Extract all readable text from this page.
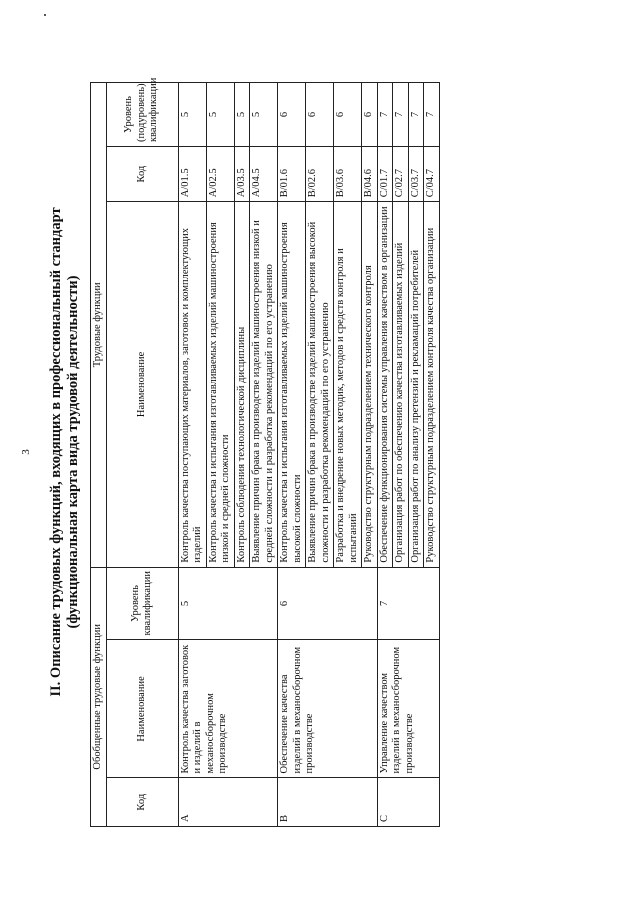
3 II. Описание трудовых функций, входящих в профессиональный стандарт (функциональная карта вида трудовой деятельности)
Обобщенные трудовые функции			Трудовые функции		
Код	Наименование	Уровень квалификации	Наименование	Код	Уровень (подуровень) квалификации
A	Контроль качества заготовок и изделий в механосборочном производстве	5	Контроль качества поступающих материалов, заготовок и комплектующих изделий	A/01.5	5
			Контроль качества и испытания изготавливаемых изделий машиностроения низкой и средней сложности	A/02.5	5
			Контроль соблюдения технологической дисциплины	A/03.5	5
			Выявление причин брака в производстве изделий машиностроения низкой и средней сложности и разработка рекомендаций по его устранению	A/04.5	5
B	Обеспечение качества изделий в механосборочном производстве	6	Контроль качества и испытания изготавливаемых изделий машиностроения высокой сложности	B/01.6	6
			Выявление причин брака в производстве изделий машиностроения высокой сложности и разработка рекомендаций по его устранению	B/02.6	6
			Разработка и внедрение новых методик, методов и средств контроля и испытаний	B/03.6	6
			Руководство структурным подразделением технического контроля	B/04.6	6
C	Управление качеством изделий в механосборочном производстве	7	Обеспечение функционирования системы управления качеством в организации	C/01.7	7
			Организация работ по обеспечению качества изготавливаемых изделий	C/02.7	7
			Организация работ по анализу претензий и рекламаций потребителей	C/03.7	7
			Руководство структурным подразделением контроля качества организации	C/04.7	7
